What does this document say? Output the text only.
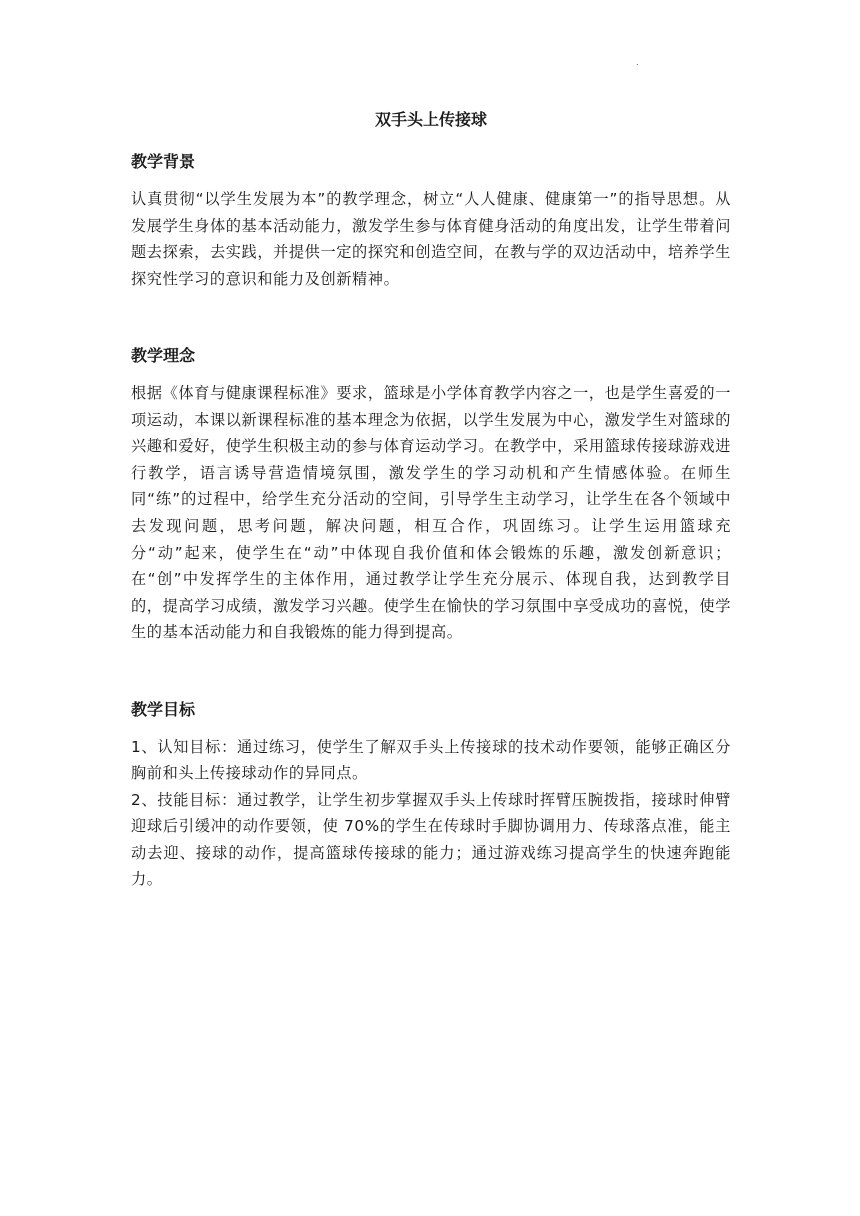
.
双手头上传接球
教学背景

认真贯彻“以学生发展为本”的教学理念，树立“人人健康、健康第一”的指导思想。从发展学生身体的基本活动能力，激发学生参与体育健身活动的角度出发，让学生带着问题去探索，去实践，并提供一定的探究和创造空间，在教与学的双边活动中，培养学生探究性学习的意识和能力及创新精神。

教学理念

根据《体育与健康课程标准》要求，篮球是小学体育教学内容之一，也是学生喜爱的一项运动，本课以新课程标准的基本理念为依据，以学生发展为中心，激发学生对篮球的兴趣和爱好，使学生积极主动的参与体育运动学习。在教学中，采用篮球传接球游戏进行教学，语言诱导营造情境氛围，激发学生的学习动机和产生情感体验。在师生同“练”的过程中，给学生充分活动的空间，引导学生主动学习，让学生在各个领域中去发现问题，思考问题，解决问题，相互合作，巩固练习。让学生运用篮球充分“动”起来，使学生在“动”中体现自我价值和体会锻炼的乐趣，激发创新意识；在“创”中发挥学生的主体作用，通过教学让学生充分展示、体现自我，达到教学目的，提高学习成绩，激发学习兴趣。使学生在愉快的学习氛围中享受成功的喜悦，使学生的基本活动能力和自我锻炼的能力得到提高。

教学目标

1、认知目标：通过练习，使学生了解双手头上传接球的技术动作要领，能够正确区分胸前和头上传接球动作的异同点。

2、技能目标：通过教学，让学生初步掌握双手头上传球时挥臂压腕拨指，接球时伸臂迎球后引缓冲的动作要领，使 70%的学生在传球时手脚协调用力、传球落点准，能主动去迎、接球的动作，提高篮球传接球的能力；通过游戏练习提高学生的快速奔跑能力。
